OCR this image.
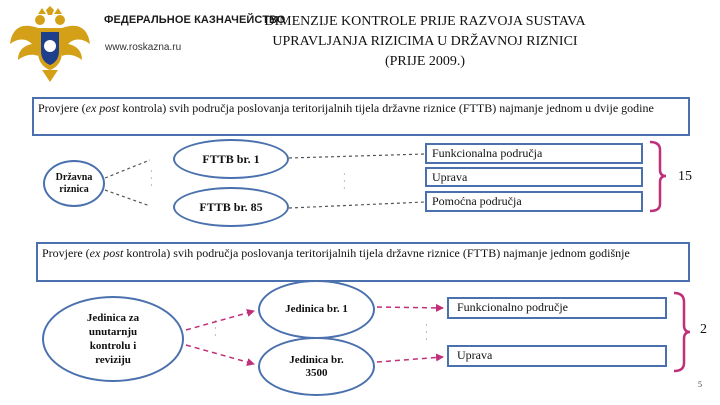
ФЕДЕРАЛЬНОЕ КАЗНАЧЕЙСТВО
www.roskazna.ru
DIMENZIJE KONTROLE PRIJE RAZVOJA SUSTAVA UPRAVLJANJA RIZICIMA U DRŽAVNOJ RIZNICI (PRIJE 2009.)
Provjere (ex post kontrola) svih područja poslovanja teritorijalnih tijela državne riznice (FTTB) najmanje jednom u dvije godine
Državna riznica
·
·
·
FTTB br. 1
FTTB br. 85
·
·
·
Funkcionalna područja
Uprava
Pomoćna područja
15
Provjere (ex post kontrola) svih područja poslovanja teritorijalnih tijela državne riznice (FTTB) najmanje jednom godišnje
Jedinica za unutarnju kontrolu i reviziju
·
·
·
Jedinica br. 1
Jedinica br. 3500
·
·
·
Funkcionalno područje
Uprava
2
5
